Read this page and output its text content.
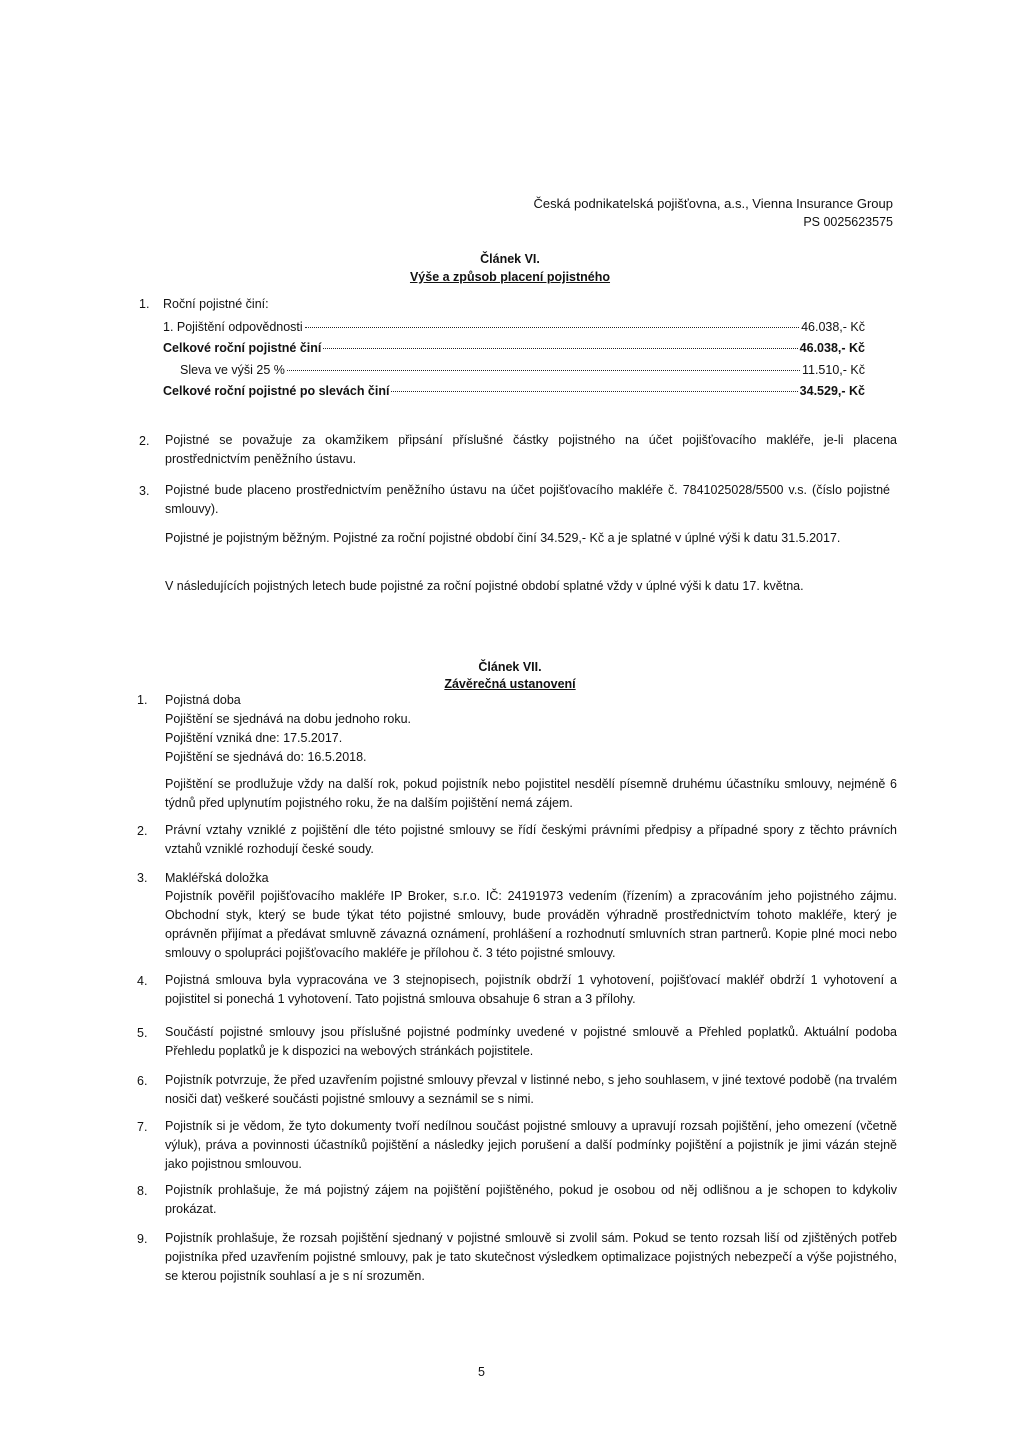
Česká podnikatelská pojišťovna, a.s., Vienna Insurance Group
PS 0025623575
Článek VI.
Výše a způsob placení pojistného
1. Roční pojistné činí:
1. Pojištění odpovědnosti	46.038,- Kč
Celkové roční pojistné činí	46.038,- Kč
Sleva ve výši 25 %	11.510,- Kč
Celkové roční pojistné po slevách činí	34.529,- Kč
2. Pojistné se považuje za okamžikem připsání příslušné částky pojistného na účet pojišťovacího makléře, je-li placena prostřednictvím peněžního ústavu.
3. Pojistné bude placeno prostřednictvím peněžního ústavu na účet pojišťovacího makléře č. 7841025028/5500 v.s. (číslo pojistné smlouvy).
Pojistné je pojistným běžným. Pojistné za roční pojistné období činí 34.529,- Kč a je splatné v úplné výši k datu 31.5.2017.
V následujících pojistných letech bude pojistné za roční pojistné období splatné vždy v úplné výši k datu 17. května.
Článek VII.
Závěrečná ustanovení
1. Pojistná doba
Pojištění se sjednává na dobu jednoho roku.
Pojištění vzniká dne: 17.5.2017.
Pojištění se sjednává do: 16.5.2018.
Pojištění se prodlužuje vždy na další rok, pokud pojistník nebo pojistitel nesdělí písemně druhému účastníku smlouvy, nejméně 6 týdnů před uplynutím pojistného roku, že na dalším pojištění nemá zájem.
2. Právní vztahy vzniklé z pojištění dle této pojistné smlouvy se řídí českými právními předpisy a případné spory z těchto právních vztahů vzniklé rozhodují české soudy.
3. Makléřská doložka
Pojistník pověřil pojišťovacího makléře IP Broker, s.r.o. IČ: 24191973 vedením (řízením) a zpracováním jeho pojistného zájmu. Obchodní styk, který se bude týkat této pojistné smlouvy, bude prováděn výhradně prostřednictvím tohoto makléře, který je oprávněn přijímat a předávat smluvně závazná oznámení, prohlášení a rozhodnutí smluvních stran partnerů. Kopie plné moci nebo smlouvy o spolupráci pojišťovacího makléře je přílohou č. 3 této pojistné smlouvy.
4. Pojistná smlouva byla vypracována ve 3 stejnopisech, pojistník obdrží 1 vyhotovení, pojišťovací makléř obdrží 1 vyhotovení a pojistitel si ponechá 1 vyhotovení. Tato pojistná smlouva obsahuje 6 stran a 3 přílohy.
5. Součástí pojistné smlouvy jsou příslušné pojistné podmínky uvedené v pojistné smlouvě a Přehled poplatků. Aktuální podoba Přehledu poplatků je k dispozici na webových stránkách pojistitele.
6. Pojistník potvrzuje, že před uzavřením pojistné smlouvy převzal v listinné nebo, s jeho souhlasem, v jiné textové podobě (na trvalém nosiči dat) veškeré součásti pojistné smlouvy a seznámil se s nimi.
7. Pojistník si je vědom, že tyto dokumenty tvoří nedílnou součást pojistné smlouvy a upravují rozsah pojištění, jeho omezení (včetně výluk), práva a povinnosti účastníků pojištění a následky jejich porušení a další podmínky pojištění a pojistník je jimi vázán stejně jako pojistnou smlouvou.
8. Pojistník prohlašuje, že má pojistný zájem na pojištění pojištěného, pokud je osobou od něj odlišnou a je schopen to kdykoliv prokázat.
9. Pojistník prohlašuje, že rozsah pojištění sjednaný v pojistné smlouvě si zvolil sám. Pokud se tento rozsah liší od zjištěných potřeb pojistníka před uzavřením pojistné smlouvy, pak je tato skutečnost výsledkem optimalizace pojistných nebezpečí a výše pojistného, se kterou pojistník souhlasí a je s ní srozuměn.
5
